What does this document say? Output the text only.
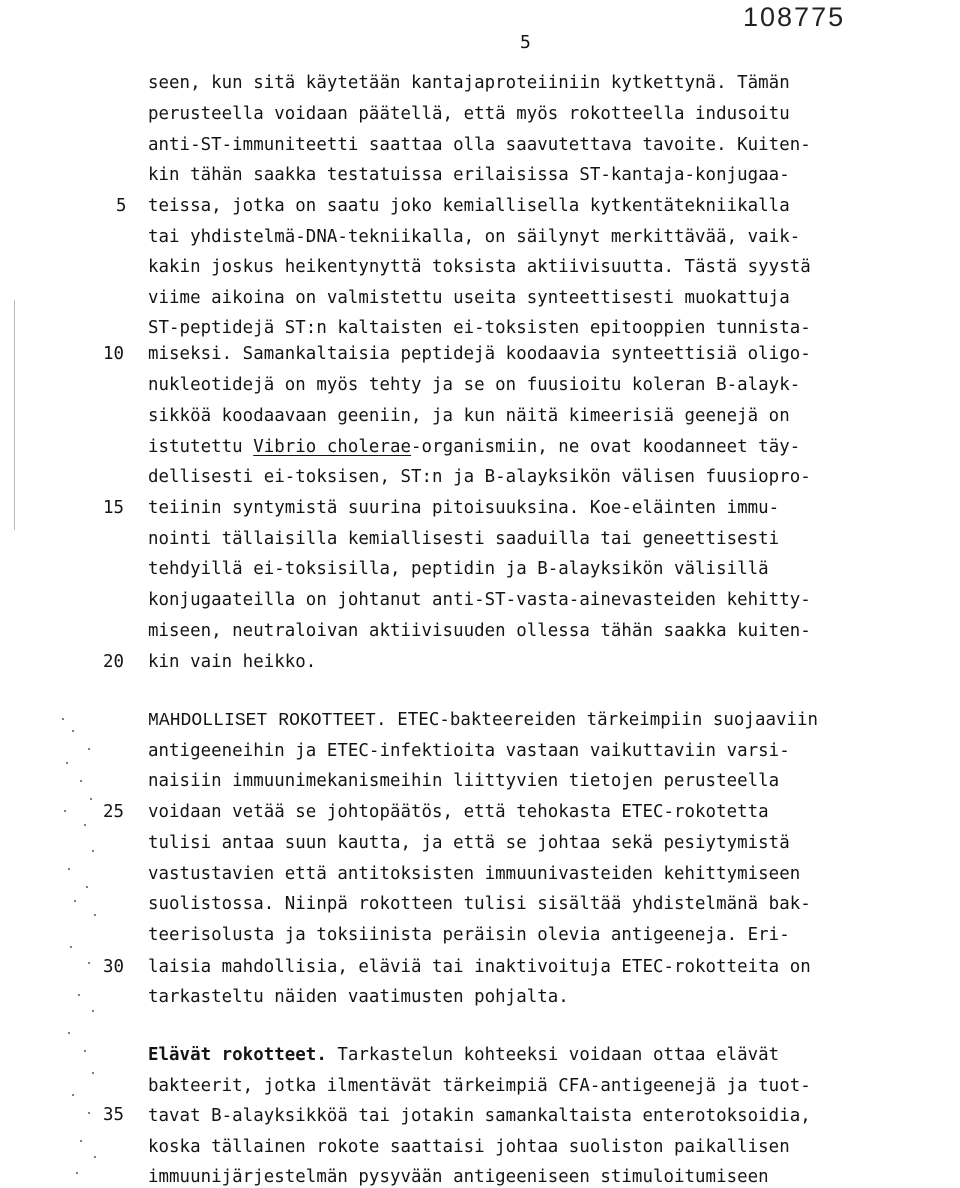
108775
5
5
10
15
20
25
30
35
seen, kun sitä käytetään kantajaproteiiniin kytkettynä. Tämän
perusteella voidaan päätellä, että myös rokotteella indusoitu
anti-ST-immuniteetti saattaa olla saavutettava tavoite. Kuiten-
kin tähän saakka testatuissa erilaisissa ST-kantaja-konjugaa-
teissa, jotka on saatu joko kemiallisella kytkentätekniikalla
tai yhdistelmä-DNA-tekniikalla, on säilynyt merkittävää, vaik-
kakin joskus heikentynyttä toksista aktiivisuutta. Tästä syystä
viime aikoina on valmistettu useita synteettisesti muokattuja
ST-peptidejä ST:n kaltaisten ei-toksisten epitooppien tunnista-
miseksi. Samankaltaisia peptidejä koodaavia synteettisiä oligo-
nukleotidejä on myös tehty ja se on fuusioitu koleran B-alayk-
sikköä koodaavaan geeniin, ja kun näitä kimeerisiä geenejä on
istutettu Vibrio cholerae-organismiin, ne ovat koodanneet täy-
dellisesti ei-toksisen, ST:n ja B-alayksikön välisen fuusiopro-
teiinin syntymistä suurina pitoisuuksina. Koe-eläinten immu-
nointi tällaisilla kemiallisesti saaduilla tai geneettisesti
tehdyillä ei-toksisilla, peptidin ja B-alayksikön välisillä
konjugaateilla on johtanut anti-ST-vasta-ainevasteiden kehitty-
miseen, neutraloivan aktiivisuuden ollessa tähän saakka kuiten-
kin vain heikko.
MAHDOLLISET ROKOTTEET. ETEC-bakteereiden tärkeimpiin suojaaviin
antigeeneihin ja ETEC-infektioita vastaan vaikuttaviin varsi-
naisiin immuunimekanismeihin liittyvien tietojen perusteella
voidaan vetää se johtopäätös, että tehokasta ETEC-rokotetta
tulisi antaa suun kautta, ja että se johtaa sekä pesiytymistä
vastustavien että antitoksisten immuunivasteiden kehittymiseen
suolistossa. Niinpä rokotteen tulisi sisältää yhdistelmänä bak-
teerisolusta ja toksiinista peräisin olevia antigeeneja. Eri-
laisia mahdollisia, eläviä tai inaktivoituja ETEC-rokotteita on
tarkasteltu näiden vaatimusten pohjalta.
Elävät rokotteet. Tarkastelun kohteeksi voidaan ottaa elävät
bakteerit, jotka ilmentävät tärkeimpiä CFA-antigeenejä ja tuot-
tavat B-alayksikköä tai jotakin samankaltaista enterotoksoidia,
koska tällainen rokote saattaisi johtaa suoliston paikallisen
immuunijärjestelmän pysyvään antigeeniseen stimuloitumiseen
